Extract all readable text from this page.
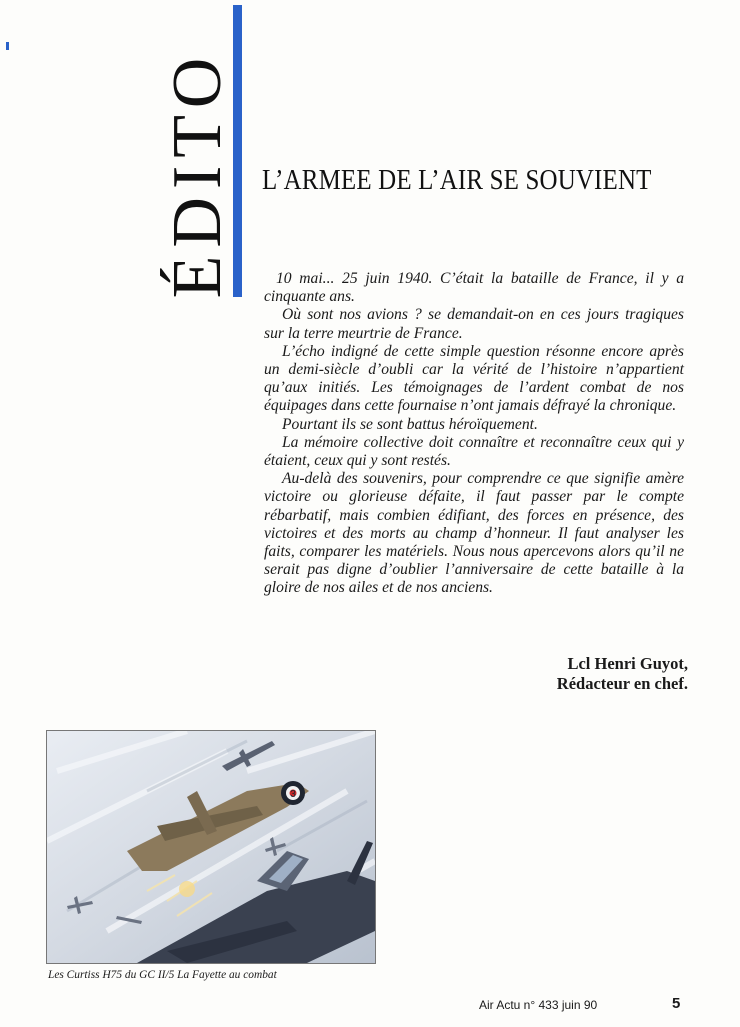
ÉDITO L’ARMEE DE L’AIR SE SOUVIENT

10 mai... 25 juin 1940. C’était la bataille de France, il y a cinquante ans.

Où sont nos avions ? se demandait-on en ces jours tragiques sur la terre meurtrie de France.

L’écho indigné de cette simple question résonne encore après un demi-siècle d’oubli car la vérité de l’histoire n’appartient qu’aux initiés. Les témoignages de l’ardent combat de nos équipages dans cette fournaise n’ont jamais défrayé la chronique.

Pourtant ils se sont battus héroïquement.

La mémoire collective doit connaître et reconnaître ceux qui y étaient, ceux qui y sont restés.

Au-delà des souvenirs, pour comprendre ce que signifie amère victoire ou glorieuse défaite, il faut passer par le compte rébarbatif, mais combien édifiant, des forces en présence, des victoires et des morts au champ d’honneur. Il faut analyser les faits, comparer les matériels. Nous nous apercevons alors qu’il ne serait pas digne d’oublier l’anniversaire de cette bataille à la gloire de nos ailes et de nos anciens.

Lcl Henri Guyot,
Rédacteur en chef.
3
Les Curtiss H75 du GC II/5 La Fayette au combat
Air Actu n° 433 juin 90	5
